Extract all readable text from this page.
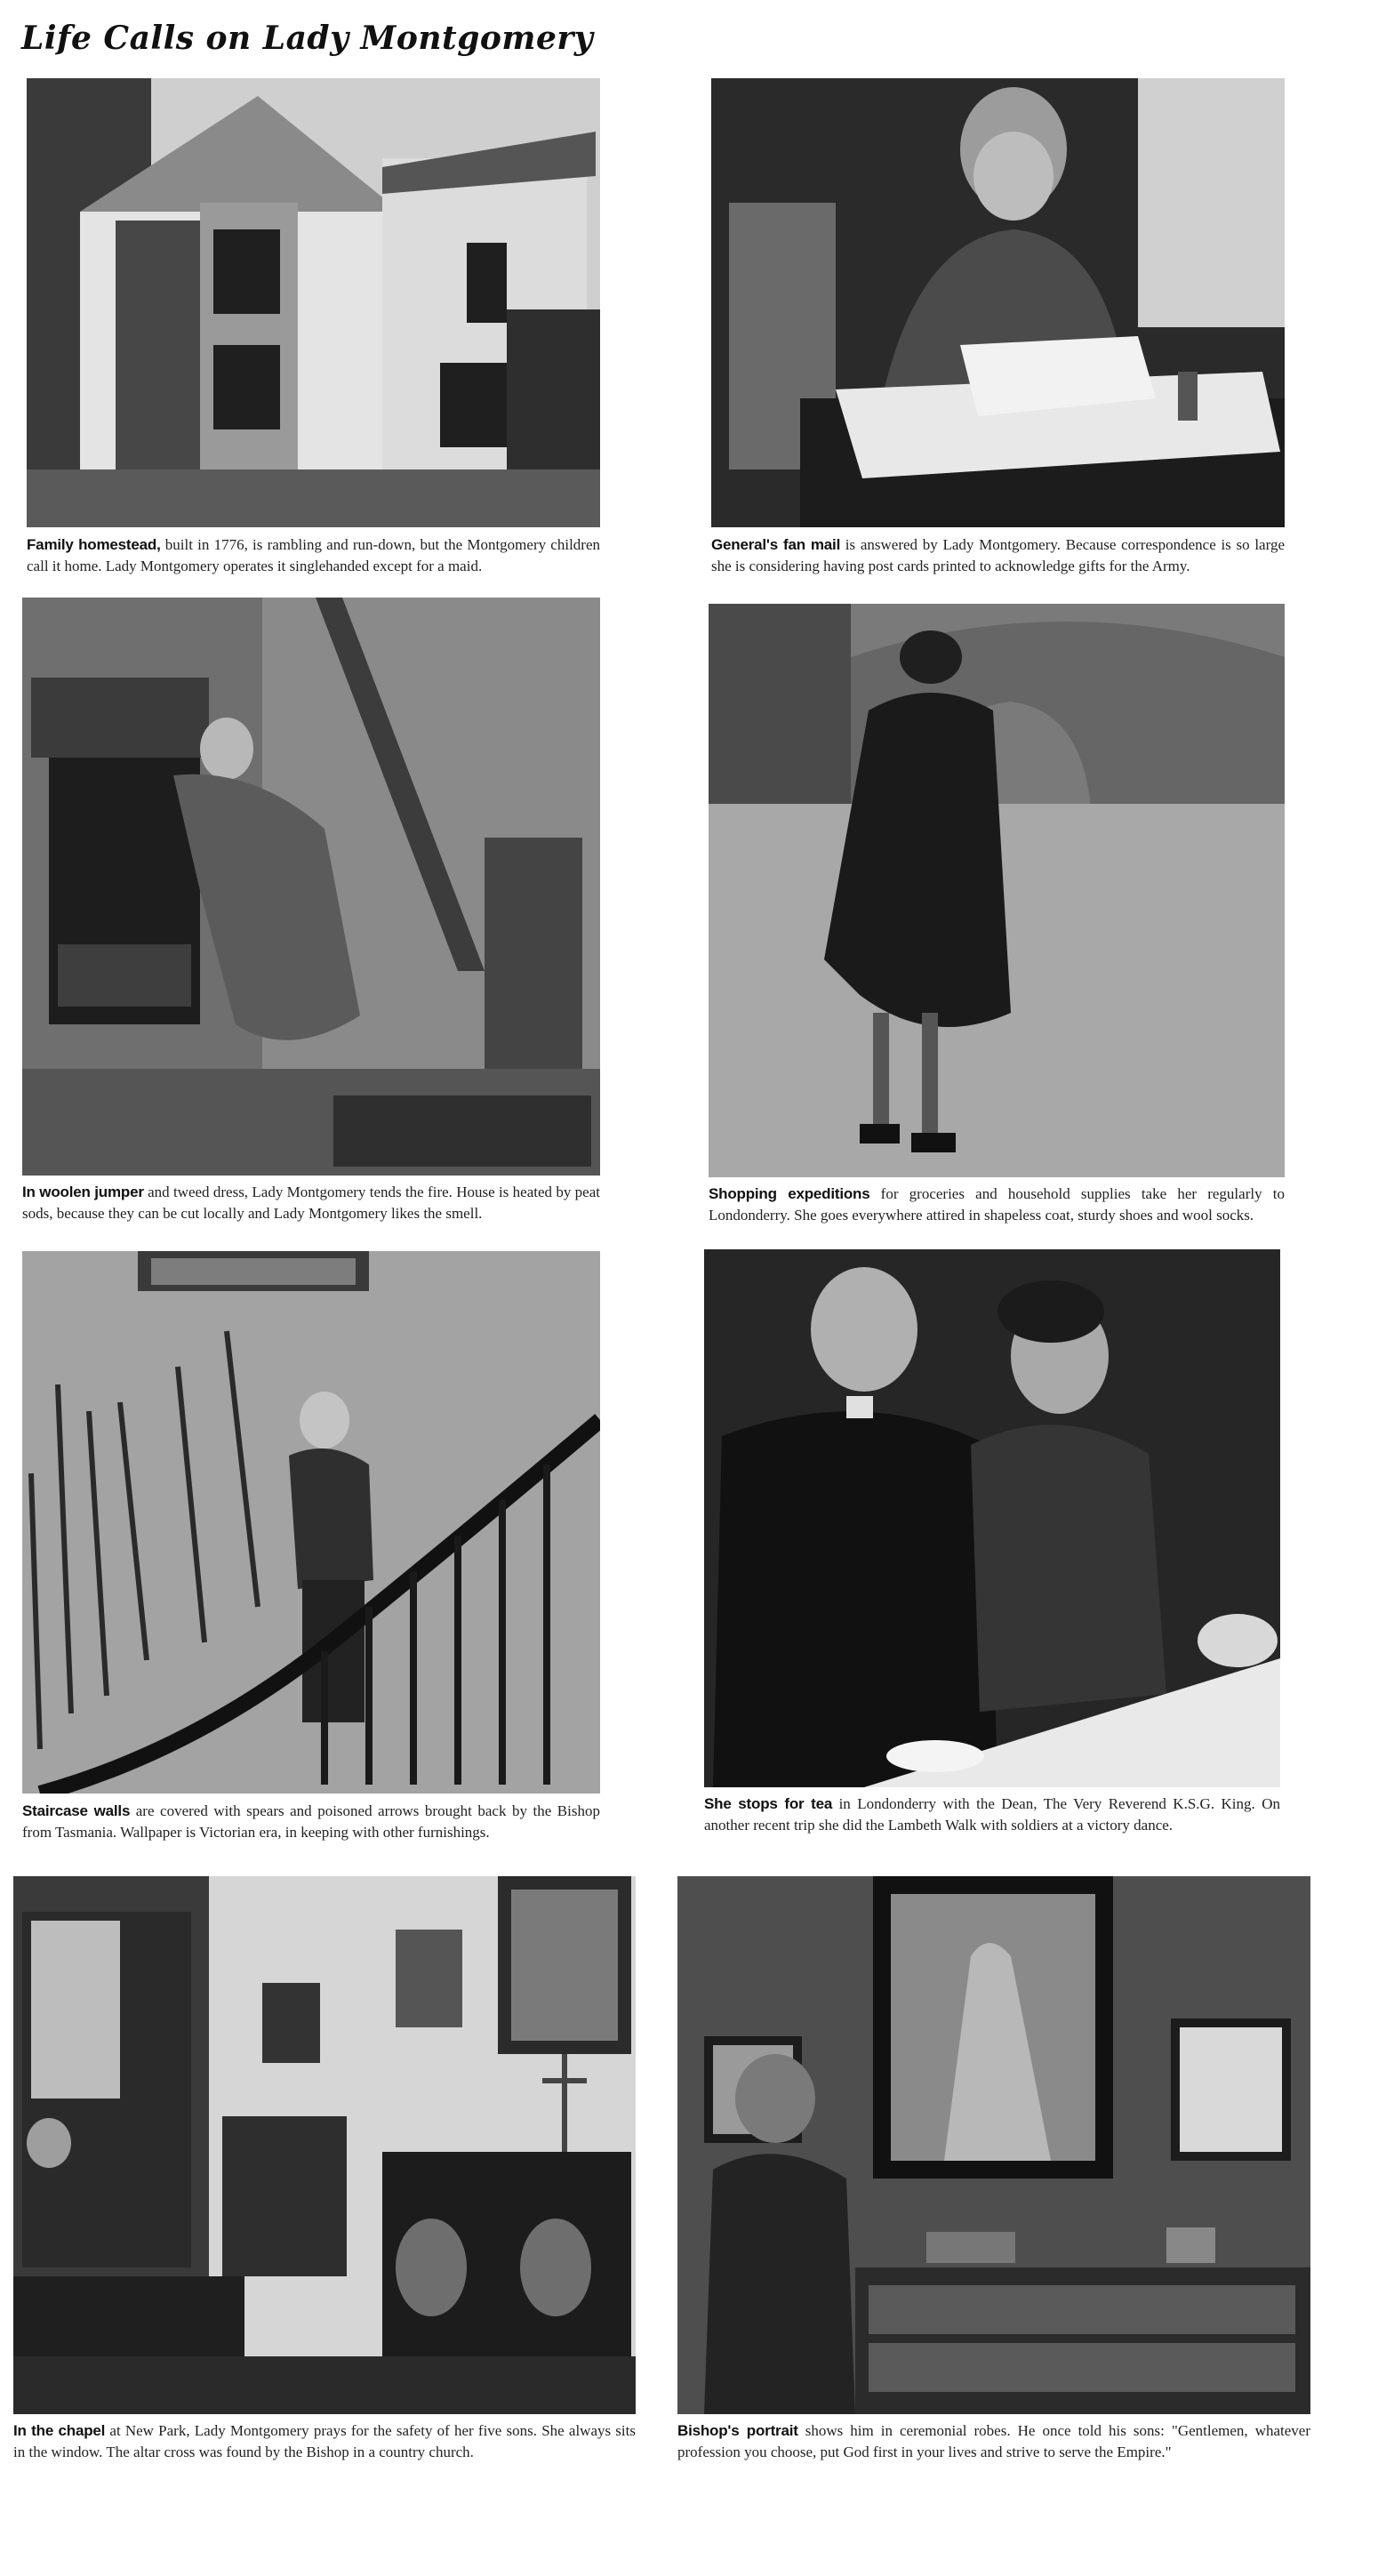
Life Calls on Lady Montgomery
Family homestead, built in 1776, is rambling and run-down, but the Montgomery children call it home. Lady Montgomery operates it singlehanded except for a maid.
General's fan mail is answered by Lady Montgomery. Because correspondence is so large she is considering having post cards printed to acknowledge gifts for the Army.
In woolen jumper and tweed dress, Lady Montgomery tends the fire. House is heated by peat sods, because they can be cut locally and Lady Montgomery likes the smell.
Shopping expeditions for groceries and household supplies take her regularly to Londonderry. She goes everywhere attired in shapeless coat, sturdy shoes and wool socks.
Staircase walls are covered with spears and poisoned arrows brought back by the Bishop from Tasmania. Wallpaper is Victorian era, in keeping with other furnishings.
She stops for tea in Londonderry with the Dean, The Very Reverend K.S.G. King. On another recent trip she did the Lambeth Walk with soldiers at a victory dance.
In the chapel at New Park, Lady Montgomery prays for the safety of her five sons. She always sits in the window. The altar cross was found by the Bishop in a country church.
Bishop's portrait shows him in ceremonial robes. He once told his sons: "Gentlemen, whatever profession you choose, put God first in your lives and strive to serve the Empire."
